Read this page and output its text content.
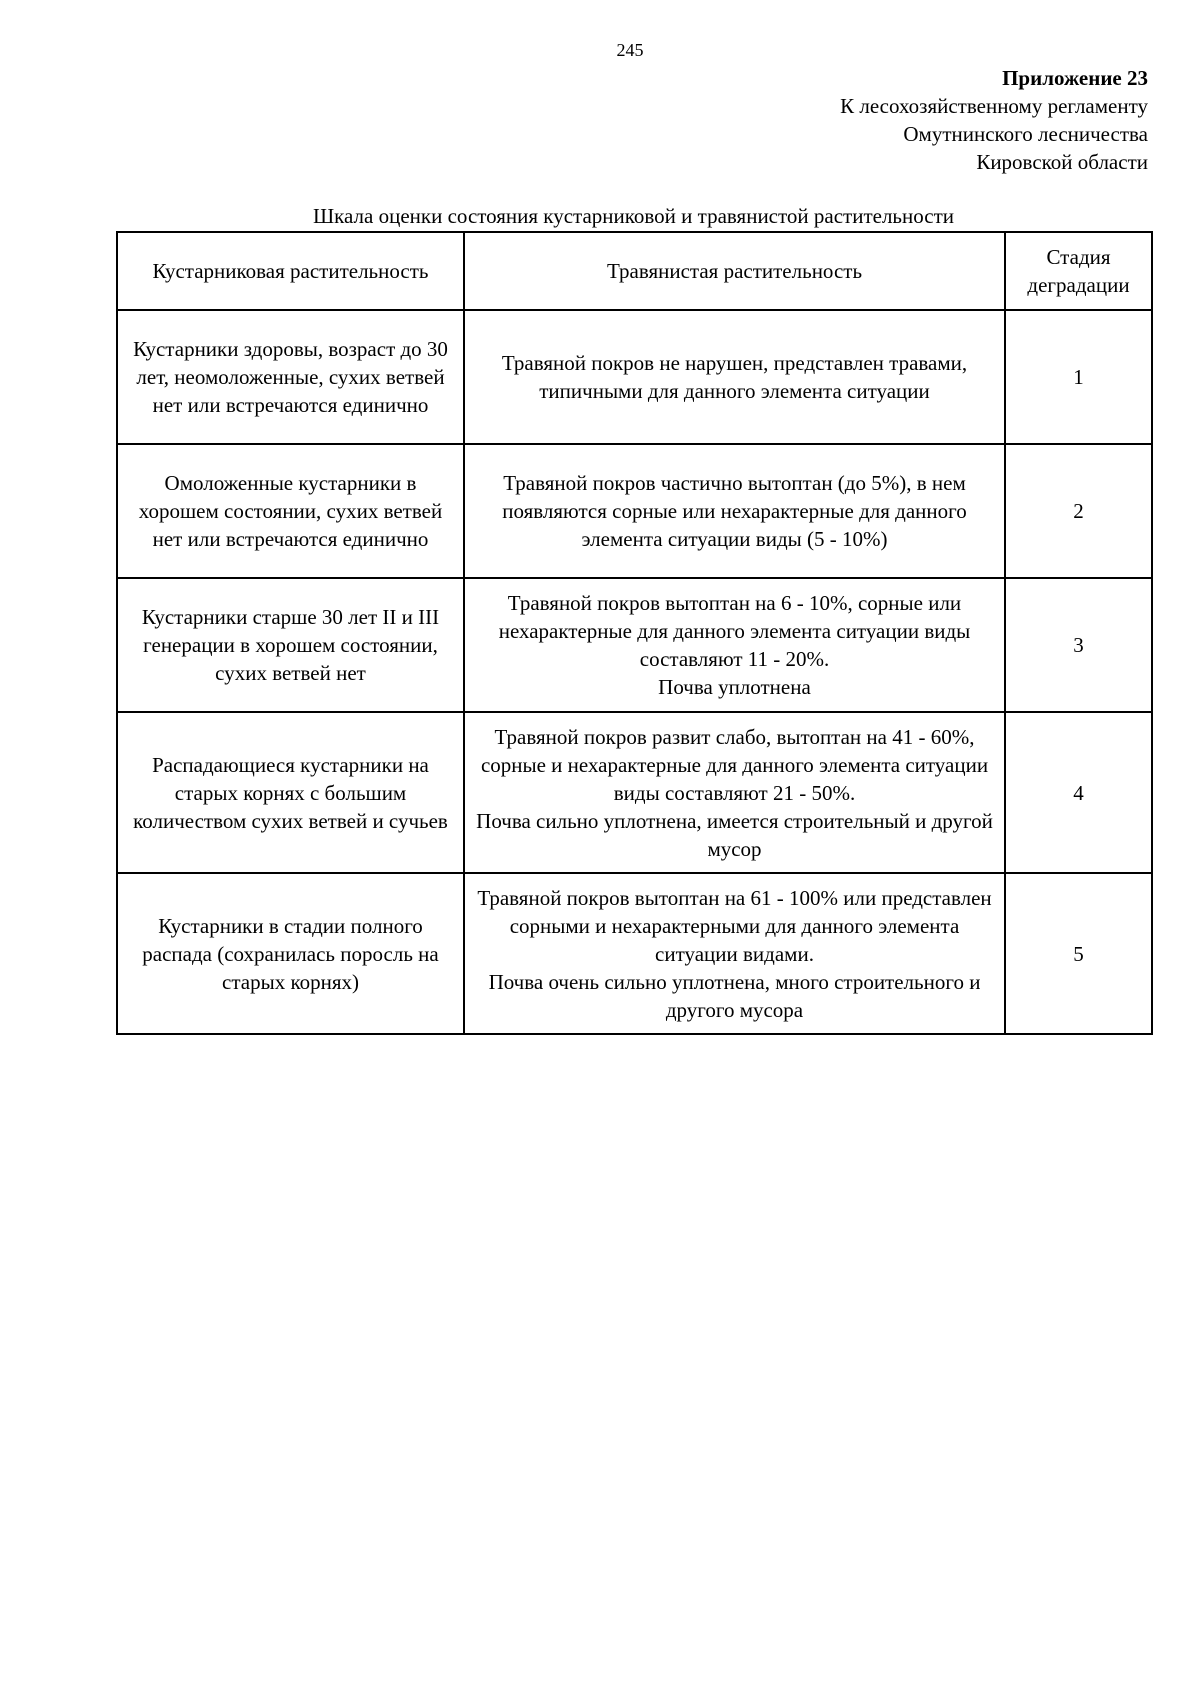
245
Приложение 23
К лесохозяйственному регламенту
Омутнинского лесничества
Кировской области
Шкала оценки состояния кустарниковой и травянистой растительности
Кустарниковая растительность	Травянистая растительность	Стадия
деградации

Кустарники здоровы, возраст до 30 лет, неомоложенные, сухих ветвей нет или встречаются единично	Травяной покров не нарушен, представлен травами, типичными для данного элемента ситуации	1
Омоложенные кустарники в хорошем состоянии, сухих ветвей нет или встречаются единично	Травяной покров частично вытоптан (до 5%), в нем появляются сорные или нехарактерные для данного элемента ситуации виды (5 - 10%)	2
Кустарники старше 30 лет II и III генерации в хорошем состоянии, сухих ветвей нет	Травяной покров вытоптан на 6 - 10%, сорные или нехарактерные для данного элемента ситуации виды составляют 11 - 20%.
Почва уплотнена	3
Распадающиеся кустарники на старых корнях с большим количеством сухих ветвей и сучьев	Травяной покров развит слабо, вытоптан на 41 - 60%, сорные и нехарактерные для данного элемента ситуации виды составляют 21 - 50%.
Почва сильно уплотнена, имеется строительный и другой мусор	4
Кустарники в стадии полного распада (сохранилась поросль на старых корнях)	Травяной покров вытоптан на 61 - 100% или представлен сорными и нехарактерными для данного элемента ситуации видами.
Почва очень сильно уплотнена, много строительного и другого мусора	5
